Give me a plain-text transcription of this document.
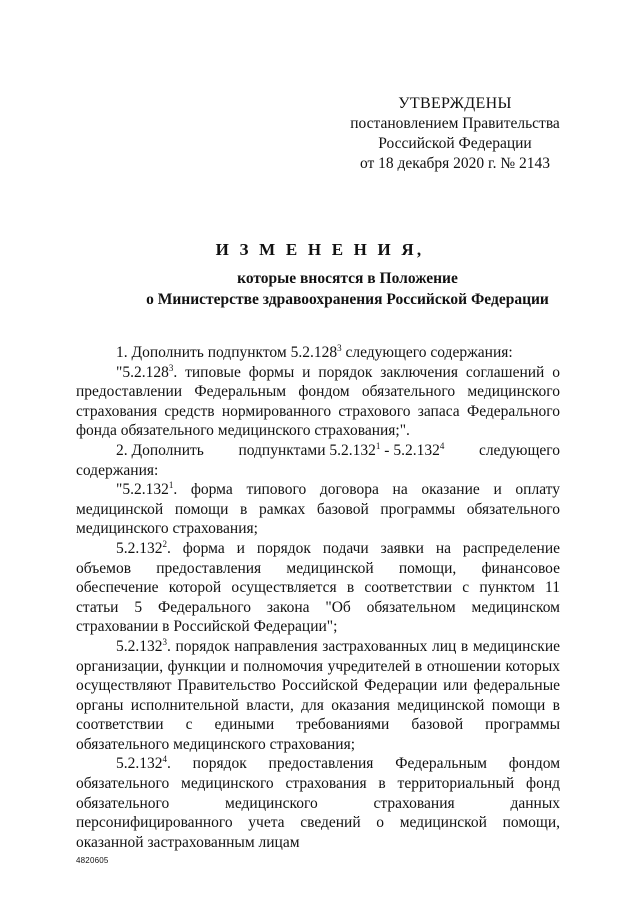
УТВЕРЖДЕНЫ
постановлением Правительства
Российской Федерации
от 18 декабря 2020 г. № 2143
И З М Е Н Е Н И Я,
которые вносятся в Положение
о Министерстве здравоохранения Российской Федерации

1. Дополнить подпунктом 5.2.128$^3$ следующего содержания:

"5.2.128$^3$. типовые формы и порядок заключения соглашений о предоставлении Федеральным фондом обязательного медицинского страхования средств нормированного страхового запаса Федерального фонда обязательного медицинского страхования;".

2. Дополнить подпунктами 5.2.132$^1$ - 5.2.132$^4$ следующего
содержания:

"5.2.132$^1$. форма типового договора на оказание и оплату медицинской помощи в рамках базовой программы обязательного медицинского страхования;

5.2.132$^2$. форма и порядок подачи заявки на распределение объемов предоставления медицинской помощи, финансовое обеспечение которой осуществляется в соответствии с пунктом 11 статьи 5 Федерального закона "Об обязательном медицинском страховании в Российской Федерации";

5.2.132$^3$. порядок направления застрахованных лиц в медицинские организации, функции и полномочия учредителей в отношении которых осуществляют Правительство Российской Федерации или федеральные органы исполнительной власти, для оказания медицинской помощи в соответствии с едиными требованиями базовой программы обязательного медицинского страхования;

5.2.132$^4$. порядок предоставления Федеральным фондом обязательного медицинского страхования в территориальный фонд обязательного медицинского страхования данных персонифицированного учета сведений о медицинской помощи, оказанной застрахованным лицам

4820605
